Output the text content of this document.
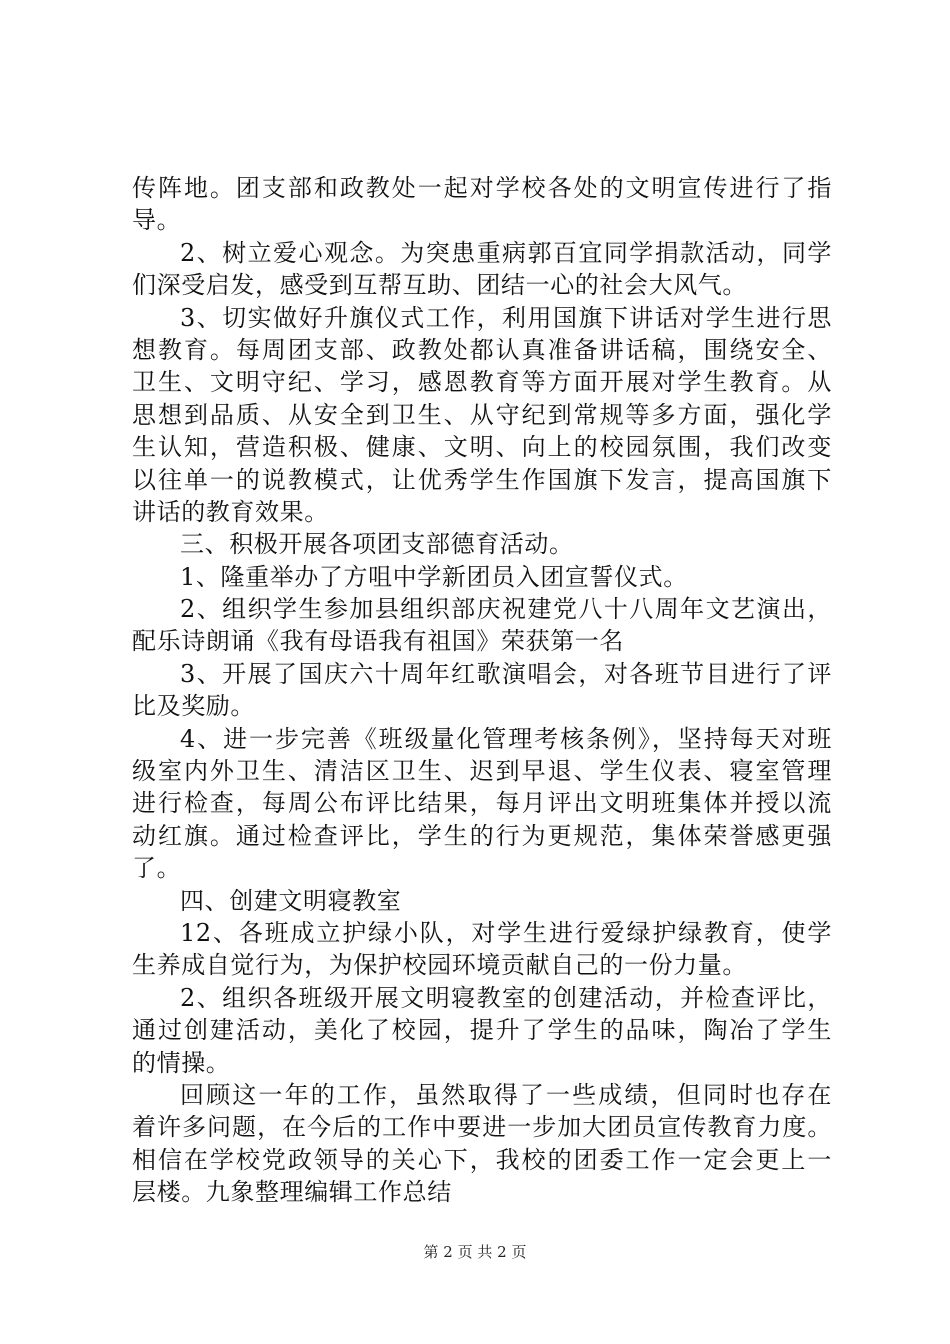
传阵地。团支部和政教处一起对学校各处的文明宣传进行了指
导。
2、树立爱心观念。为突患重病郭百宜同学捐款活动，同学
们深受启发，感受到互帮互助、团结一心的社会大风气。
3、切实做好升旗仪式工作，利用国旗下讲话对学生进行思
想教育。每周团支部、政教处都认真准备讲话稿，围绕安全、
卫生、文明守纪、学习，感恩教育等方面开展对学生教育。从
思想到品质、从安全到卫生、从守纪到常规等多方面，强化学
生认知，营造积极、健康、文明、向上的校园氛围，我们改变
以往单一的说教模式，让优秀学生作国旗下发言，提高国旗下
讲话的教育效果。
三、积极开展各项团支部德育活动。
1、隆重举办了方咀中学新团员入团宣誓仪式。
2、组织学生参加县组织部庆祝建党八十八周年文艺演出，
配乐诗朗诵《我有母语我有祖国》荣获第一名
3、开展了国庆六十周年红歌演唱会，对各班节目进行了评
比及奖励。
4、进一步完善《班级量化管理考核条例》，坚持每天对班
级室内外卫生、清洁区卫生、迟到早退、学生仪表、寝室管理
进行检查，每周公布评比结果，每月评出文明班集体并授以流
动红旗。通过检查评比，学生的行为更规范，集体荣誉感更强
了。
四、创建文明寝教室
12、各班成立护绿小队，对学生进行爱绿护绿教育，使学
生养成自觉行为，为保护校园环境贡献自己的一份力量。
2、组织各班级开展文明寝教室的创建活动，并检查评比，
通过创建活动，美化了校园，提升了学生的品味，陶冶了学生
的情操。
回顾这一年的工作，虽然取得了一些成绩，但同时也存在
着许多问题，在今后的工作中要进一步加大团员宣传教育力度。
相信在学校党政领导的关心下，我校的团委工作一定会更上一
层楼。九象整理编辑工作总结
第 2 页 共 2 页
